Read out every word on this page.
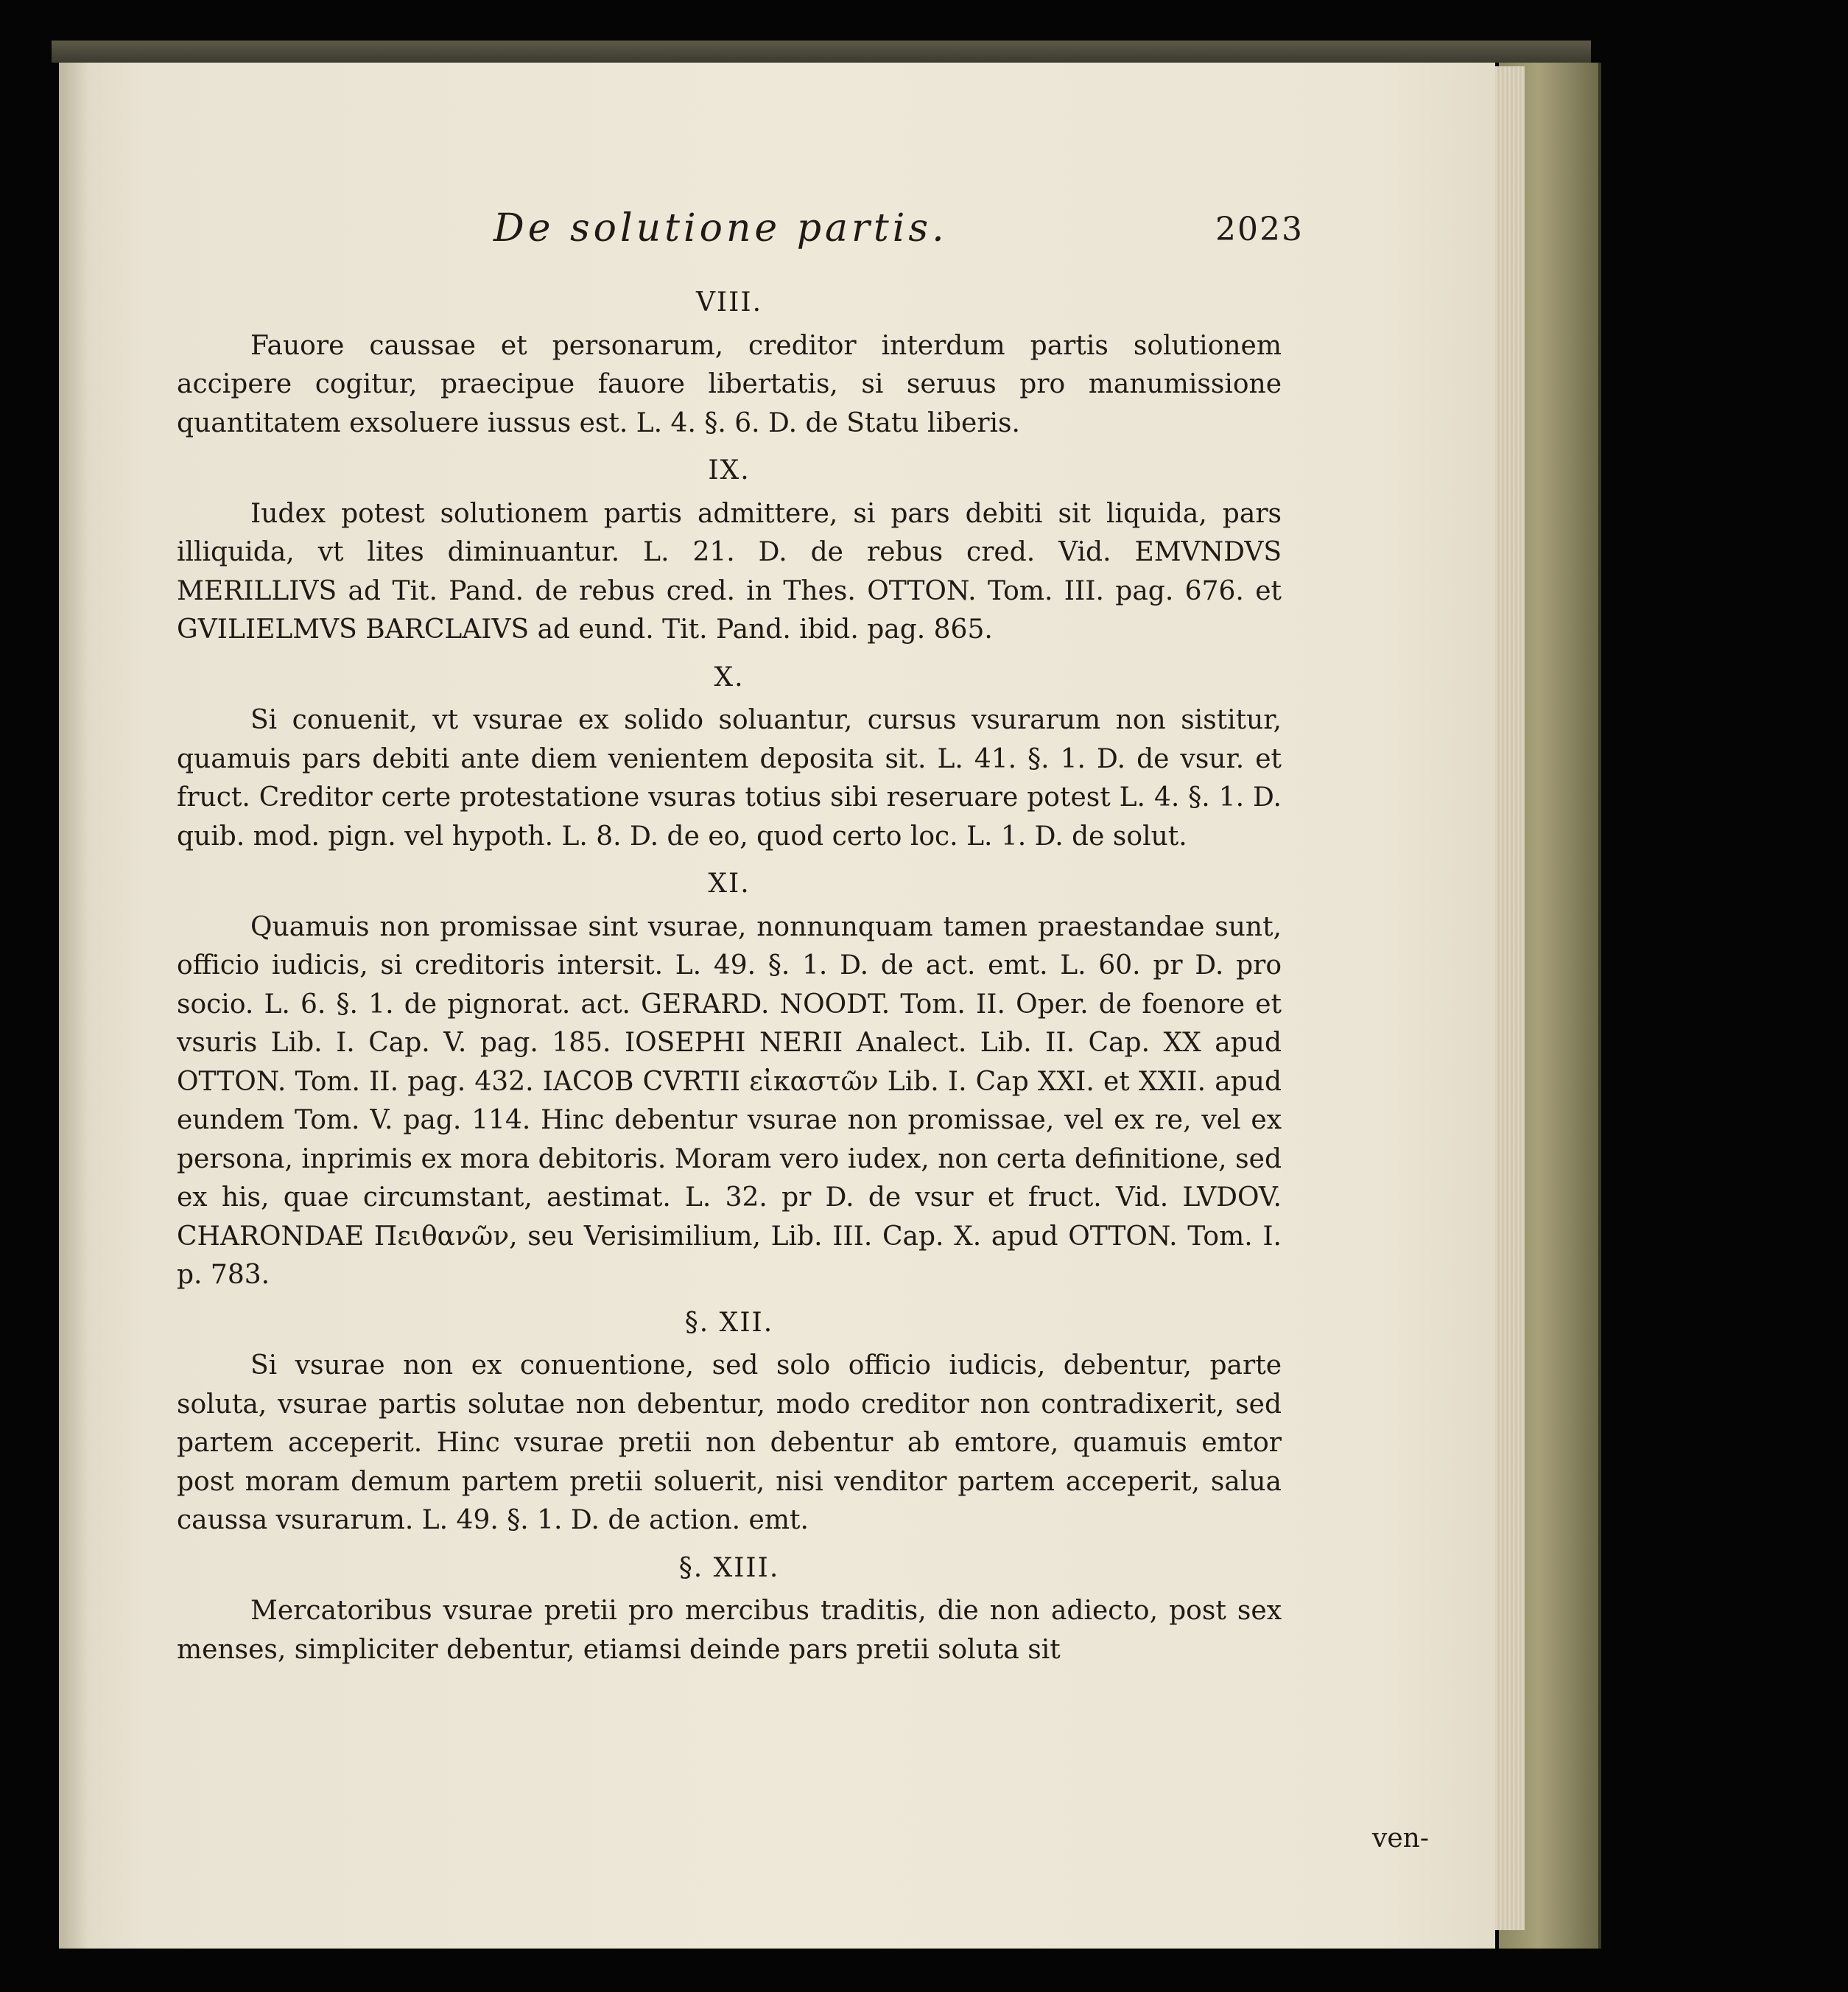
De solutione partis.	2023
VIII.

Fauore caussae et personarum, creditor interdum partis solutionem accipere cogitur, praecipue fauore libertatis, si seruus pro manumissione quantitatem exsoluere iussus est. L. 4. §. 6. D. de Statu liberis.

IX.

Iudex potest solutionem partis admittere, si pars debiti sit liquida, pars illiquida, vt lites diminuantur. L. 21. D. de rebus cred. Vid. EMVNDVS MERILLIVS ad Tit. Pand. de rebus cred. in Thes. OTTON. Tom. III. pag. 676. et GVILIELMVS BARCLAIVS ad eund. Tit. Pand. ibid. pag. 865.

X.

Si conuenit, vt vsurae ex solido soluantur, cursus vsurarum non sistitur, quamuis pars debiti ante diem venientem deposita sit. L. 41. §. 1. D. de vsur. et fruct. Creditor certe protestatione vsuras totius sibi reseruare potest L. 4. §. 1. D. quib. mod. pign. vel hypoth. L. 8. D. de eo, quod certo loc. L. 1. D. de solut.

XI.

Quamuis non promissae sint vsurae, nonnunquam tamen praestandae sunt, officio iudicis, si creditoris intersit. L. 49. §. 1. D. de act. emt. L. 60. pr D. pro socio. L. 6. §. 1. de pignorat. act. GERARD. NOODT. Tom. II. Oper. de foenore et vsuris Lib. I. Cap. V. pag. 185. IOSEPHI NERII Analect. Lib. II. Cap. XX apud OTTON. Tom. II. pag. 432. IACOB CVRTII εἰκαστῶν Lib. I. Cap XXI. et XXII. apud eundem Tom. V. pag. 114. Hinc debentur vsurae non promissae, vel ex re, vel ex persona, inprimis ex mora debitoris. Moram vero iudex, non certa definitione, sed ex his, quae circumstant, aestimat. L. 32. pr D. de vsur et fruct. Vid. LVDOV. CHARONDAE Πειθανῶν, seu Verisimilium, Lib. III. Cap. X. apud OTTON. Tom. I. p. 783.

§. XII.

Si vsurae non ex conuentione, sed solo officio iudicis, debentur, parte soluta, vsurae partis solutae non debentur, modo creditor non contradixerit, sed partem acceperit. Hinc vsurae pretii non debentur ab emtore, quamuis emtor post moram demum partem pretii soluerit, nisi venditor partem acceperit, salua caussa vsurarum. L. 49. §. 1. D. de action. emt.

§. XIII.

Mercatoribus vsurae pretii pro mercibus traditis, die non adiecto, post sex menses, simpliciter debentur, etiamsi deinde pars pretii soluta sit

ven-
